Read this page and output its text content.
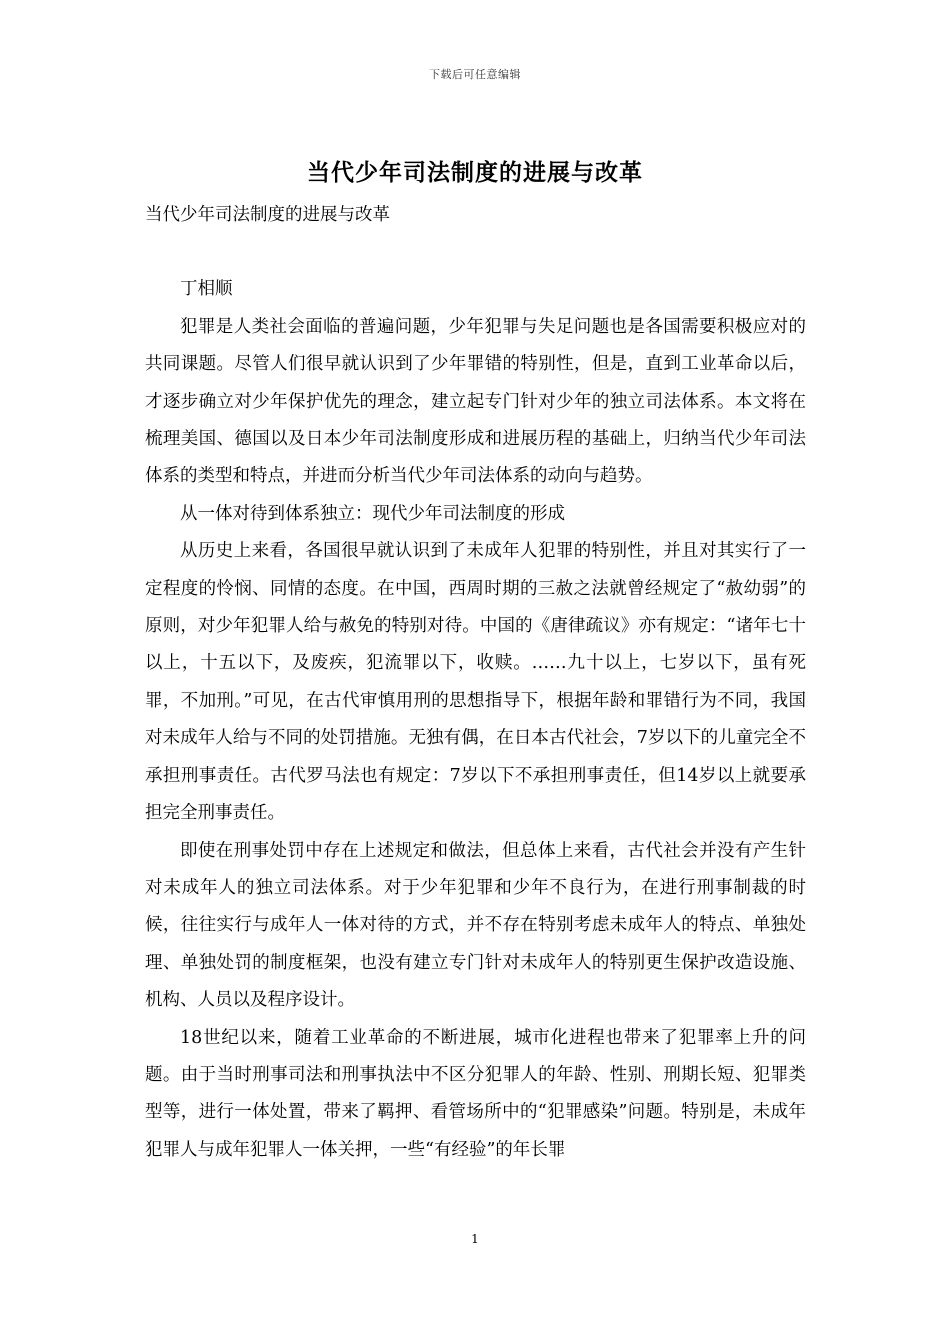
下载后可任意编辑
当代少年司法制度的进展与改革

当代少年司法制度的进展与改革

丁相顺

犯罪是人类社会面临的普遍问题，少年犯罪与失足问题也是各国需要积极应对的共同课题。尽管人们很早就认识到了少年罪错的特别性，但是，直到工业革命以后，才逐步确立对少年保护优先的理念，建立起专门针对少年的独立司法体系。本文将在梳理美国、德国以及日本少年司法制度形成和进展历程的基础上，归纳当代少年司法体系的类型和特点，并进而分析当代少年司法体系的动向与趋势。

从一体对待到体系独立：现代少年司法制度的形成

从历史上来看，各国很早就认识到了未成年人犯罪的特别性，并且对其实行了一定程度的怜悯、同情的态度。在中国，西周时期的三赦之法就曾经规定了“赦幼弱”的原则，对少年犯罪人给与赦免的特别对待。中国的《唐律疏议》亦有规定：“诸年七十以上，十五以下，及废疾，犯流罪以下，收赎。……九十以上，七岁以下，虽有死罪，不加刑。”可见，在古代审慎用刑的思想指导下，根据年龄和罪错行为不同，我国对未成年人给与不同的处罚措施。无独有偶，在日本古代社会，7岁以下的儿童完全不承担刑事责任。古代罗马法也有规定：7岁以下不承担刑事责任，但14岁以上就要承担完全刑事责任。

即使在刑事处罚中存在上述规定和做法，但总体上来看，古代社会并没有产生针对未成年人的独立司法体系。对于少年犯罪和少年不良行为，在进行刑事制裁的时候，往往实行与成年人一体对待的方式，并不存在特别考虑未成年人的特点、单独处理、单独处罚的制度框架，也没有建立专门针对未成年人的特别更生保护改造设施、机构、人员以及程序设计。

18世纪以来，随着工业革命的不断进展，城市化进程也带来了犯罪率上升的问题。由于当时刑事司法和刑事执法中不区分犯罪人的年龄、性别、刑期长短、犯罪类型等，进行一体处置，带来了羁押、看管场所中的“犯罪感染”问题。特别是，未成年犯罪人与成年犯罪人一体关押，一些“有经验”的年长罪

1
